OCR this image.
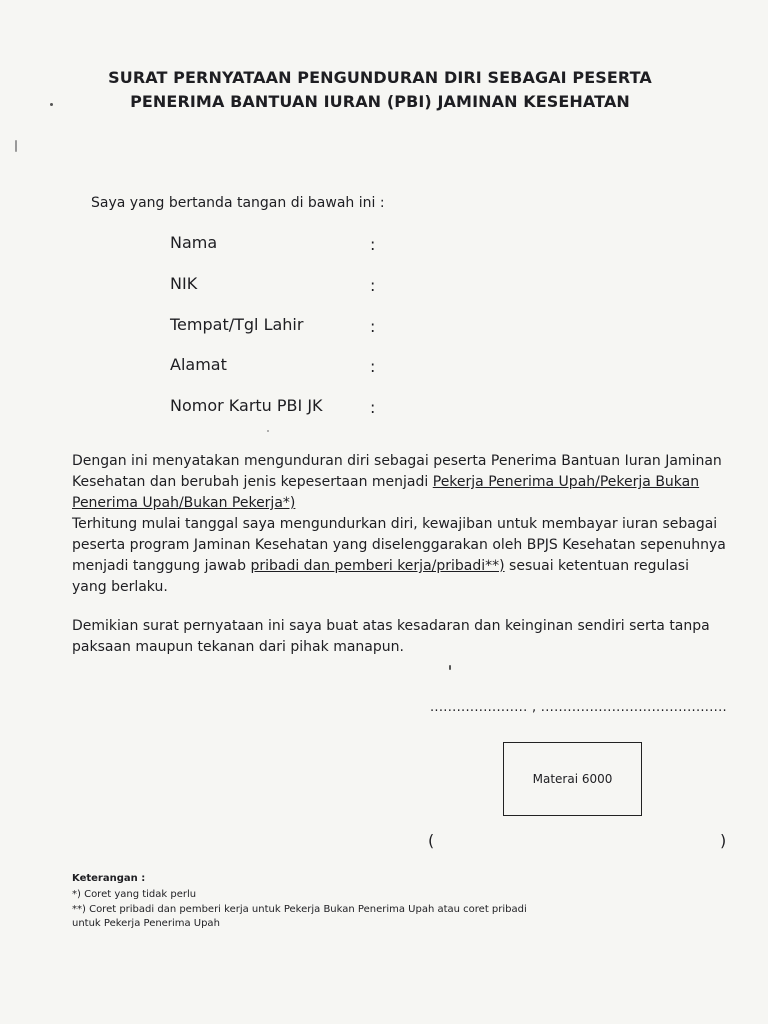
SURAT PERNYATAAN PENGUNDURAN DIRI SEBAGAI PESERTA
PENERIMA BANTUAN IURAN (PBI) JAMINAN KESEHATAN
Saya yang bertanda tangan di bawah ini :
Nama	:
NIK	:
Tempat/Tgl Lahir	:
Alamat	:
Nomor Kartu PBI JK	:
Dengan ini menyatakan mengunduran diri sebagai peserta Penerima Bantuan Iuran Jaminan
Kesehatan dan berubah jenis kepesertaan menjadi Pekerja Penerima Upah/Pekerja Bukan
Penerima Upah/Bukan Pekerja*)
Terhitung mulai tanggal saya mengundurkan diri, kewajiban untuk membayar iuran sebagai
peserta program Jaminan Kesehatan yang diselenggarakan oleh BPJS Kesehatan sepenuhnya
menjadi tanggung jawab pribadi dan pemberi kerja/pribadi**) sesuai ketentuan regulasi
yang berlaku.
Demikian surat pernyataan ini saya buat atas kesadaran dan keinginan sendiri serta tanpa
paksaan maupun tekanan dari pihak manapun.
...................... , ..........................................
Materai 6000
(	)
Keterangan :
*) Coret yang tidak perlu
**) Coret pribadi dan pemberi kerja untuk Pekerja Bukan Penerima Upah atau coret pribadi
untuk Pekerja Penerima Upah
